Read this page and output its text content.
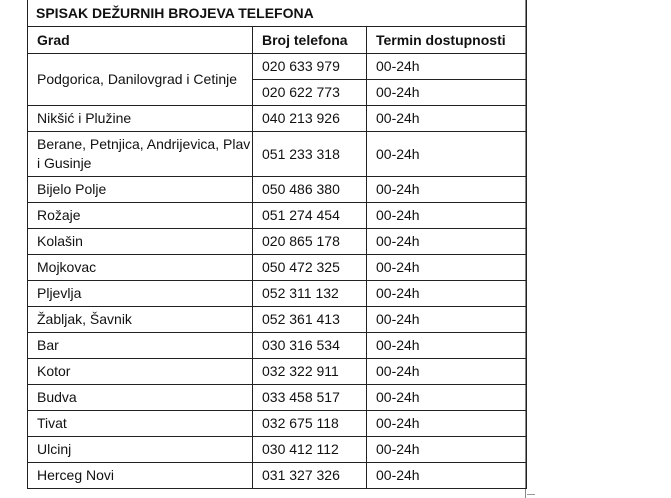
SPISAK DEŽURNIH BROJEVA TELEFONA		
Grad	Broj telefona	Termin dostupnosti
Podgorica, Danilovgrad i Cetinje	020 633 979	00-24h
	020 622 773	00-24h
Nikšić i Plužine	040 213 926	00-24h
Berane, Petnjica, Andrijevica, Plav i Gusinje	051 233 318	00-24h
Bijelo Polje	050 486 380	00-24h
Rožaje	051 274 454	00-24h
Kolašin	020 865 178	00-24h
Mojkovac	050 472 325	00-24h
Pljevlja	052 311 132	00-24h
Žabljak, Šavnik	052 361 413	00-24h
Bar	030 316 534	00-24h
Kotor	032 322 911	00-24h
Budva	033 458 517	00-24h
Tivat	032 675 118	00-24h
Ulcinj	030 412 112	00-24h
Herceg Novi	031 327 326	00-24h
